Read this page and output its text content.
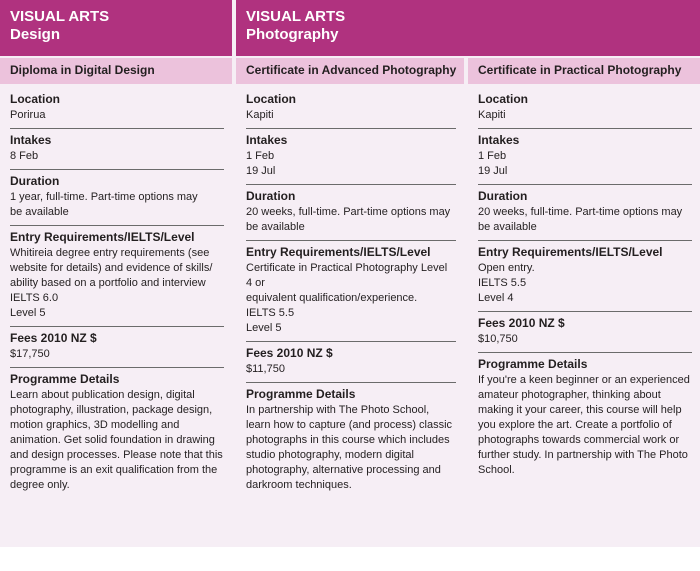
VISUAL ARTS
Design
VISUAL ARTS
Photography
Diploma in Digital Design
Location
Porirua
Intakes
8 Feb
Duration
1 year, full-time. Part-time options may
be available
Entry Requirements/IELTS/Level
Whitireia degree entry requirements (see
website for details) and evidence of skills/
ability based on a portfolio and interview
IELTS 6.0
Level 5
Fees 2010 NZ $
$17,750
Programme Details
Learn about publication design, digital
photography, illustration, package design,
motion graphics, 3D modelling and
animation. Get solid foundation in drawing
and design processes. Please note that this
programme is an exit qualification from the
degree only.
Certificate in Advanced Photography
Location
Kapiti
Intakes
1 Feb
19 Jul
Duration
20 weeks, full-time. Part-time options may
be available
Entry Requirements/IELTS/Level
Certificate in Practical Photography Level 4 or
equivalent qualification/experience.
IELTS 5.5
Level 5
Fees 2010 NZ $
$11,750
Programme Details
In partnership with The Photo School,
learn how to capture (and process) classic
photographs in this course which includes
studio photography, modern digital
photography, alternative processing and
darkroom techniques.
Certificate in Practical Photography
Location
Kapiti
Intakes
1 Feb
19 Jul
Duration
20 weeks, full-time. Part-time options may
be available
Entry Requirements/IELTS/Level
Open entry.
IELTS 5.5
Level 4
Fees 2010 NZ $
$10,750
Programme Details
If you're a keen beginner or an experienced
amateur photographer, thinking about
making it your career, this course will help
you explore the art. Create a portfolio of
photographs towards commercial work or
further study. In partnership with The Photo
School.
